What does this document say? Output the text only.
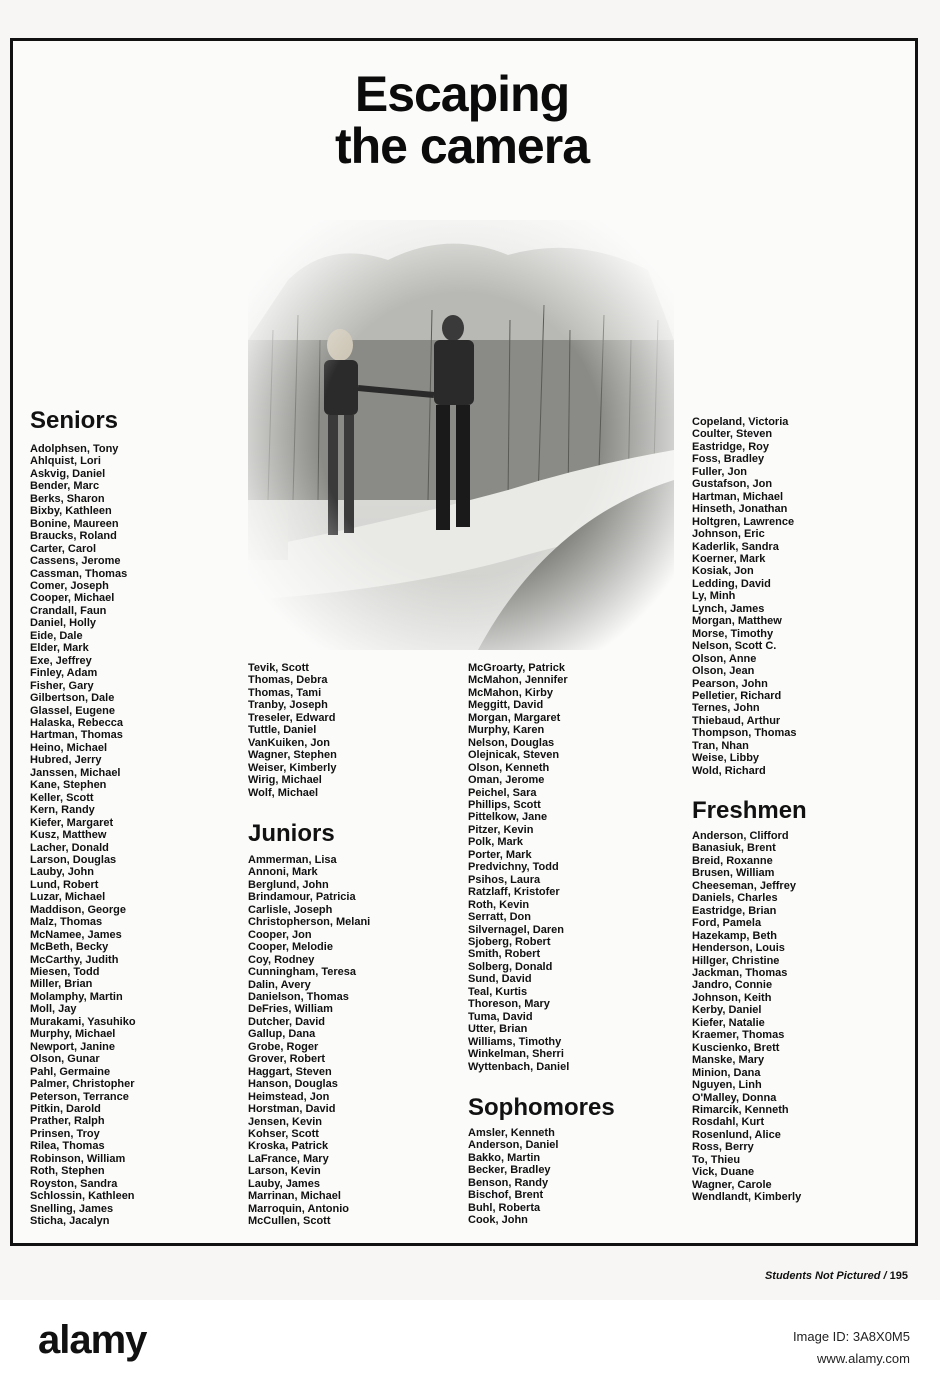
Escaping
the camera
Seniors
Adolphsen, Tony
Ahlquist, Lori
Askvig, Daniel
Bender, Marc
Berks, Sharon
Bixby, Kathleen
Bonine, Maureen
Braucks, Roland
Carter, Carol
Cassens, Jerome
Cassman, Thomas
Comer, Joseph
Cooper, Michael
Crandall, Faun
Daniel, Holly
Eide, Dale
Elder, Mark
Exe, Jeffrey
Finley, Adam
Fisher, Gary
Gilbertson, Dale
Glassel, Eugene
Halaska, Rebecca
Hartman, Thomas
Heino, Michael
Hubred, Jerry
Janssen, Michael
Kane, Stephen
Keller, Scott
Kern, Randy
Kiefer, Margaret
Kusz, Matthew
Lacher, Donald
Larson, Douglas
Lauby, John
Lund, Robert
Luzar, Michael
Maddison, George
Malz, Thomas
McNamee, James
McBeth, Becky
McCarthy, Judith
Miesen, Todd
Miller, Brian
Molamphy, Martin
Moll, Jay
Murakami, Yasuhiko
Murphy, Michael
Newport, Janine
Olson, Gunar
Pahl, Germaine
Palmer, Christopher
Peterson, Terrance
Pitkin, Darold
Prather, Ralph
Prinsen, Troy
Rilea, Thomas
Robinson, William
Roth, Stephen
Royston, Sandra
Schlossin, Kathleen
Snelling, James
Sticha, Jacalyn
Tevik, Scott
Thomas, Debra
Thomas, Tami
Tranby, Joseph
Treseler, Edward
Tuttle, Daniel
VanKuiken, Jon
Wagner, Stephen
Weiser, Kimberly
Wirig, Michael
Wolf, Michael
Juniors
Ammerman, Lisa
Annoni, Mark
Berglund, John
Brindamour, Patricia
Carlisle, Joseph
Christopherson, Melani
Cooper, Jon
Cooper, Melodie
Coy, Rodney
Cunningham, Teresa
Dalin, Avery
Danielson, Thomas
DeFries, William
Dutcher, David
Gallup, Dana
Grobe, Roger
Grover, Robert
Haggart, Steven
Hanson, Douglas
Heimstead, Jon
Horstman, David
Jensen, Kevin
Kohser, Scott
Kroska, Patrick
LaFrance, Mary
Larson, Kevin
Lauby, James
Marrinan, Michael
Marroquin, Antonio
McCullen, Scott
McGroarty, Patrick
McMahon, Jennifer
McMahon, Kirby
Meggitt, David
Morgan, Margaret
Murphy, Karen
Nelson, Douglas
Olejnicak, Steven
Olson, Kenneth
Oman, Jerome
Peichel, Sara
Phillips, Scott
Pittelkow, Jane
Pitzer, Kevin
Polk, Mark
Porter, Mark
Predvichny, Todd
Psihos, Laura
Ratzlaff, Kristofer
Roth, Kevin
Serratt, Don
Silvernagel, Daren
Sjoberg, Robert
Smith, Robert
Solberg, Donald
Sund, David
Teal, Kurtis
Thoreson, Mary
Tuma, David
Utter, Brian
Williams, Timothy
Winkelman, Sherri
Wyttenbach, Daniel
Sophomores
Amsler, Kenneth
Anderson, Daniel
Bakko, Martin
Becker, Bradley
Benson, Randy
Bischof, Brent
Buhl, Roberta
Cook, John
Copeland, Victoria
Coulter, Steven
Eastridge, Roy
Foss, Bradley
Fuller, Jon
Gustafson, Jon
Hartman, Michael
Hinseth, Jonathan
Holtgren, Lawrence
Johnson, Eric
Kaderlik, Sandra
Koerner, Mark
Kosiak, Jon
Ledding, David
Ly, Minh
Lynch, James
Morgan, Matthew
Morse, Timothy
Nelson, Scott C.
Olson, Anne
Olson, Jean
Pearson, John
Pelletier, Richard
Ternes, John
Thiebaud, Arthur
Thompson, Thomas
Tran, Nhan
Weise, Libby
Wold, Richard
Freshmen
Anderson, Clifford
Banasiuk, Brent
Breid, Roxanne
Brusen, William
Cheeseman, Jeffrey
Daniels, Charles
Eastridge, Brian
Ford, Pamela
Hazekamp, Beth
Henderson, Louis
Hillger, Christine
Jackman, Thomas
Jandro, Connie
Johnson, Keith
Kerby, Daniel
Kiefer, Natalie
Kraemer, Thomas
Kuscienko, Brett
Manske, Mary
Minion, Dana
Nguyen, Linh
O'Malley, Donna
Rimarcik, Kenneth
Rosdahl, Kurt
Rosenlund, Alice
Ross, Berry
To, Thieu
Vick, Duane
Wagner, Carole
Wendlandt, Kimberly
Students Not Pictured / 195
alamy	Image ID: 3A8X0M5
www.alamy.com
